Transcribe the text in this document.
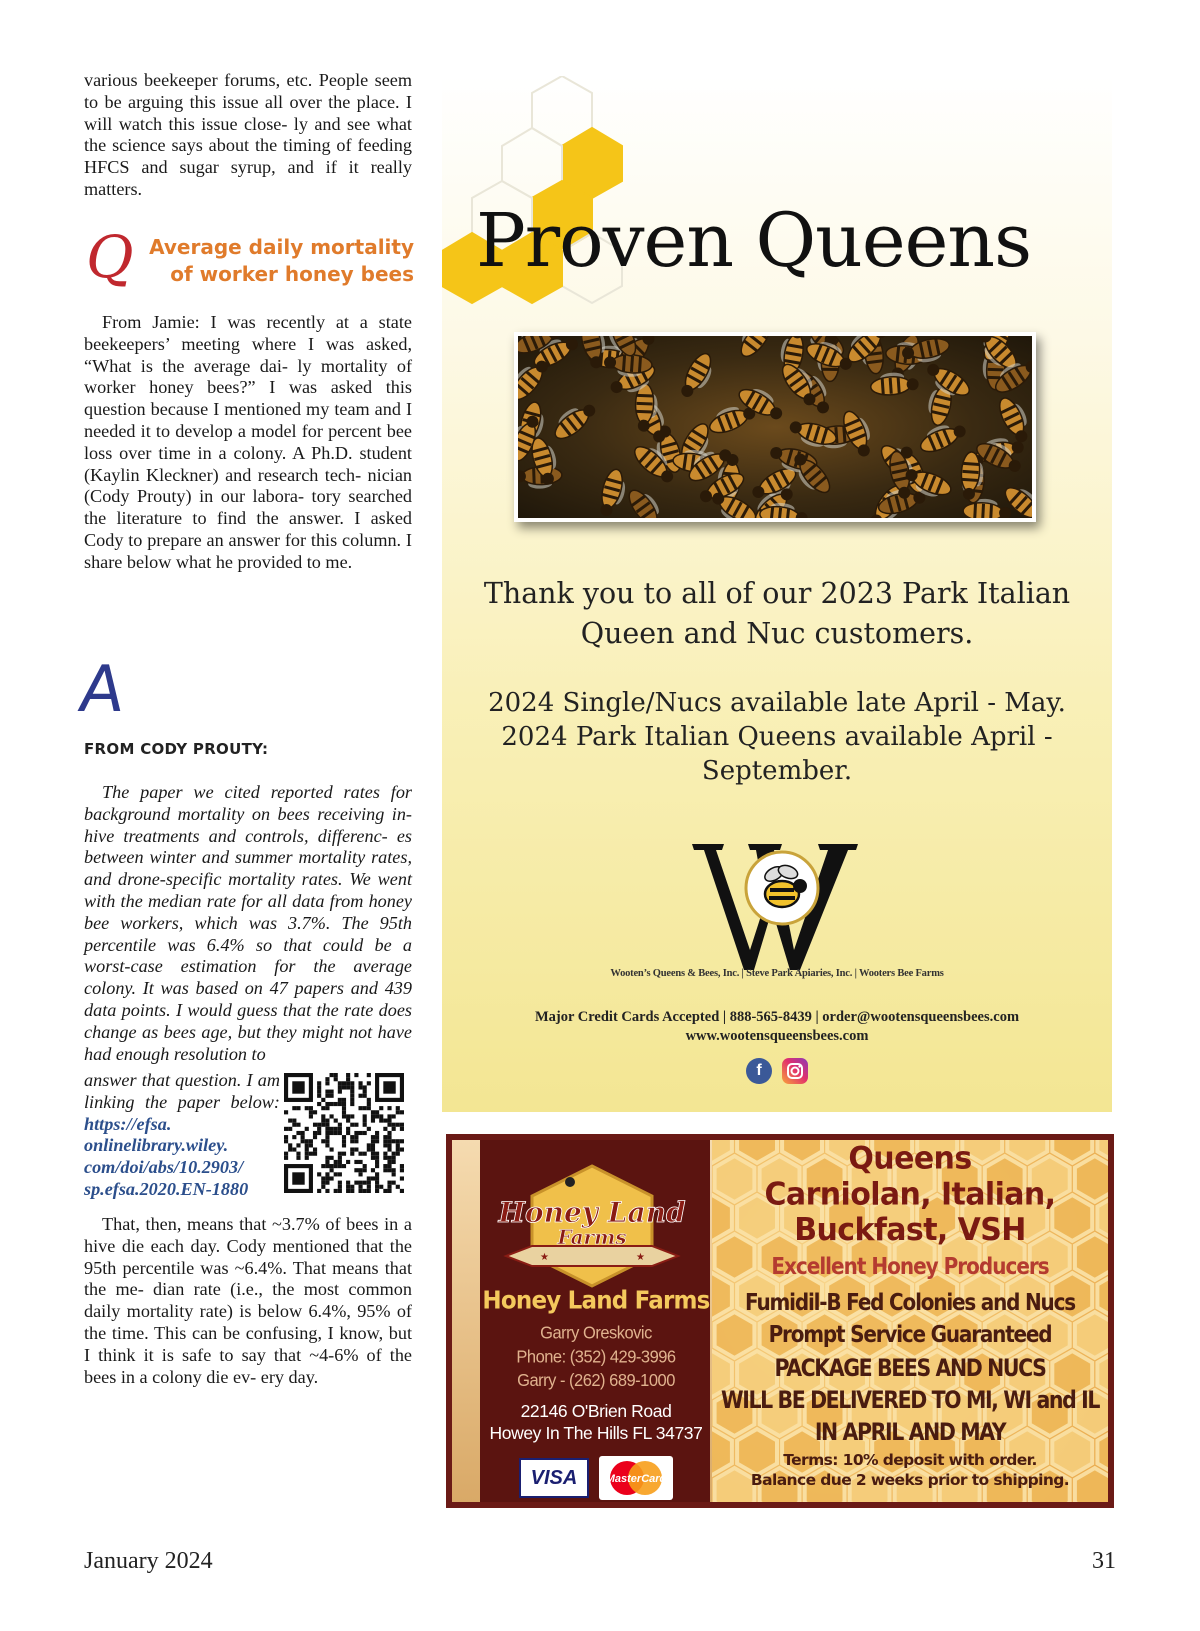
various beekeeper forums, etc. People seem to be arguing this issue all over the place. I will watch this issue close- ly and see what the science says about the timing of feeding HFCS and sugar syrup, and if it really matters.
Q Average daily mortality
of worker honey bees
From Jamie: I was recently at a state beekeepers’ meeting where I was asked, “What is the average dai- ly mortality of worker honey bees?” I was asked this question because I mentioned my team and I needed it to develop a model for percent bee loss over time in a colony. A Ph.D. student (Kaylin Kleckner) and research tech- nician (Cody Prouty) in our labora- tory searched the literature to find the answer. I asked Cody to prepare an answer for this column. I share below what he provided to me.
A
FROM CODY PROUTY:
The paper we cited reported rates for background mortality on bees receiving in-hive treatments and controls, differenc- es between winter and summer mortality rates, and drone-specific mortality rates. We went with the median rate for all data from honey bee workers, which was 3.7%. The 95th percentile was 6.4% so that could be a worst-case estimation for the average colony. It was based on 47 papers and 439 data points. I would guess that the rate does change as bees age, but they might not have had enough resolution to
answer that question. I am linking the paper below: https://efsa. onlinelibrary.wiley. com/doi/abs/10.2903/ sp.efsa.2020.EN-1880
That, then, means that ~3.7% of bees in a hive die each day. Cody mentioned that the 95th percentile was ~6.4%. That means that the me- dian rate (i.e., the most common daily mortality rate) is below 6.4%, 95% of the time. This can be confusing, I know, but I think it is safe to say that ~4-6% of the bees in a colony die ev- ery day.
January 2024	31
Proven Queens
Thank you to all of our 2023 Park Italian
Queen and Nuc customers.
2024 Single/Nucs available late April - May.
2024 Park Italian Queens available April - September.
Wooten’s Queens & Bees, Inc. | Steve Park Apiaries, Inc. | Wooters Bee Farms
Major Credit Cards Accepted | 888-565-8439 | order@wootensqueensbees.com
www.wootensqueensbees.com
f
Honey Land
Farms
★	★
Honey Land Farms
Garry Oreskovic
Phone: (352) 429-3996
Garry - (262) 689-1000
22146 O'Brien Road
Howey In The Hills FL 34737
VISA	MasterCard
Queens
Carniolan, Italian,
Buckfast, VSH
Excellent Honey Producers
Fumidil-B Fed Colonies and Nucs
Prompt Service Guaranteed
PACKAGE BEES AND NUCS
WILL BE DELIVERED TO MI, WI and IL
IN APRIL AND MAY
Terms: 10% deposit with order.
Balance due 2 weeks prior to shipping.
